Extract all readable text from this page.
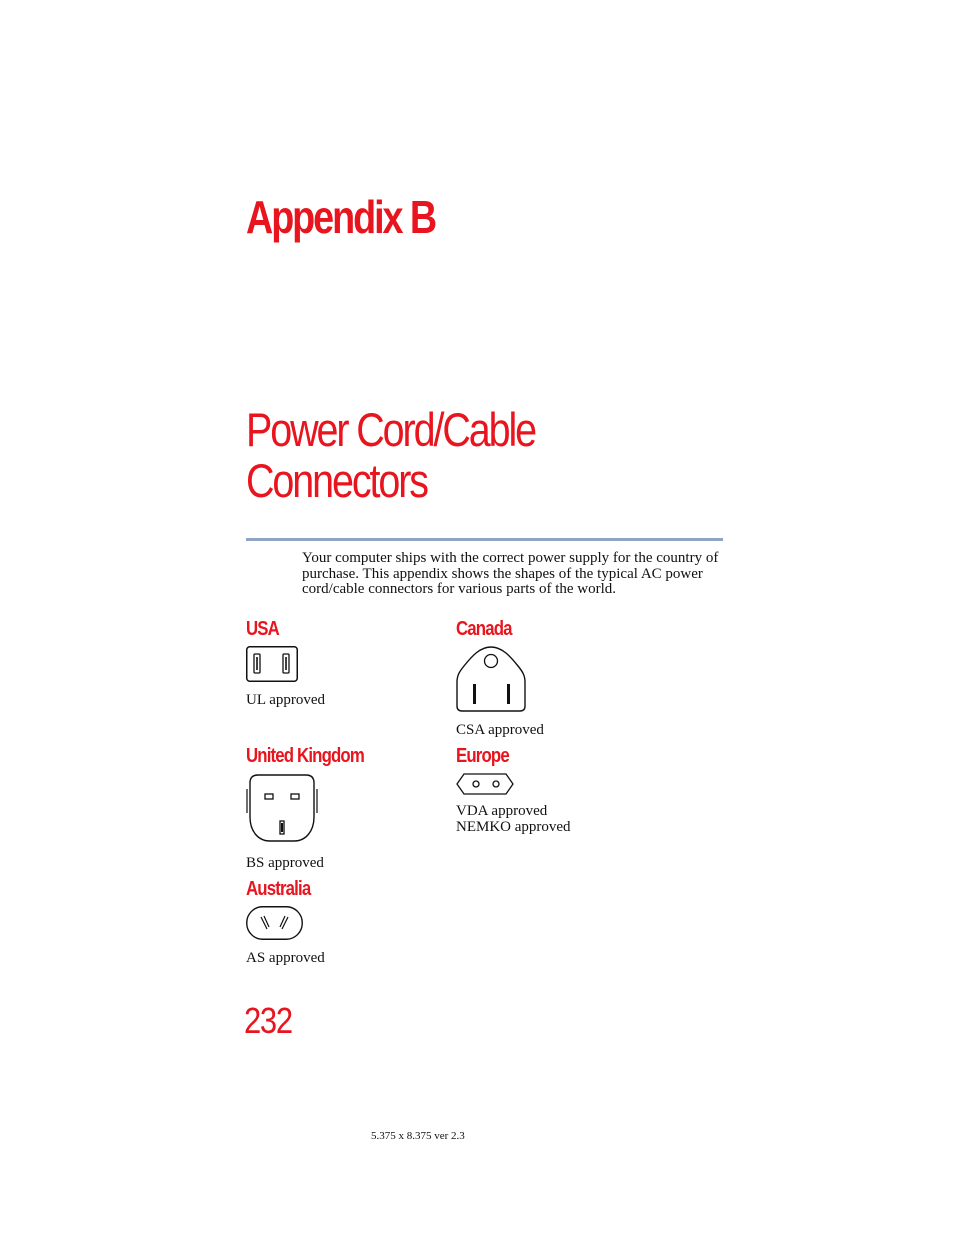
Appendix B
Power Cord/Cable
Connectors
Your computer ships with the correct power supply for the country of purchase. This appendix shows the shapes of the typical AC power cord/cable connectors for various parts of the world.
USA
UL approved
Canada
CSA approved
United Kingdom
BS approved
Europe
VDA approved
NEMKO approved
Australia
AS approved
232
5.375 x 8.375 ver 2.3
